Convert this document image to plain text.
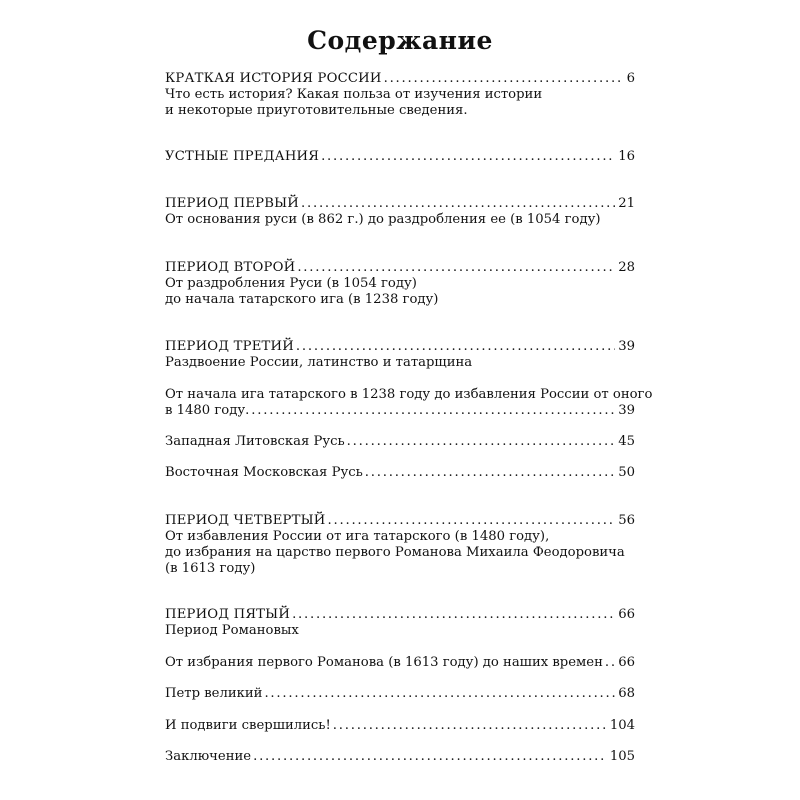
Содержание
КРАТКАЯ ИСТОРИЯ РОССИИ . . .	6
Что есть история? Какая польза от изучения истории
и некоторые приуготовительные сведения.
УСТНЫЕ ПРЕДАНИЯ . . .	16
ПЕРИОД ПЕРВЫЙ . . .	21
От основания руси (в 862 г.) до раздробления ее (в 1054 году)
ПЕРИОД ВТОРОЙ . . .	28
От раздробления Руси (в 1054 году)
до начала татарского ига (в 1238 году)
ПЕРИОД ТРЕТИЙ . . .	39
Раздвоение России, латинство и татарщина
От начала ига татарского в 1238 году до избавления России от оного
в 1480 году. . . .	39
Западная Литовская Русь . . .	45
Восточная Московская Русь . . .	50
ПЕРИОД ЧЕТВЕРТЫЙ . . .	56
От избавления России от ига татарского (в 1480 году),
до избрания на царство первого Романова Михаила Феодоровича
(в 1613 году)
ПЕРИОД ПЯТЫЙ . . .	66
Период Романовых
От избрания первого Романова (в 1613 году) до наших времен . . . 66
Петр великий . . .	68
И подвиги свершились! . . .	104
Заключение . . .	105
